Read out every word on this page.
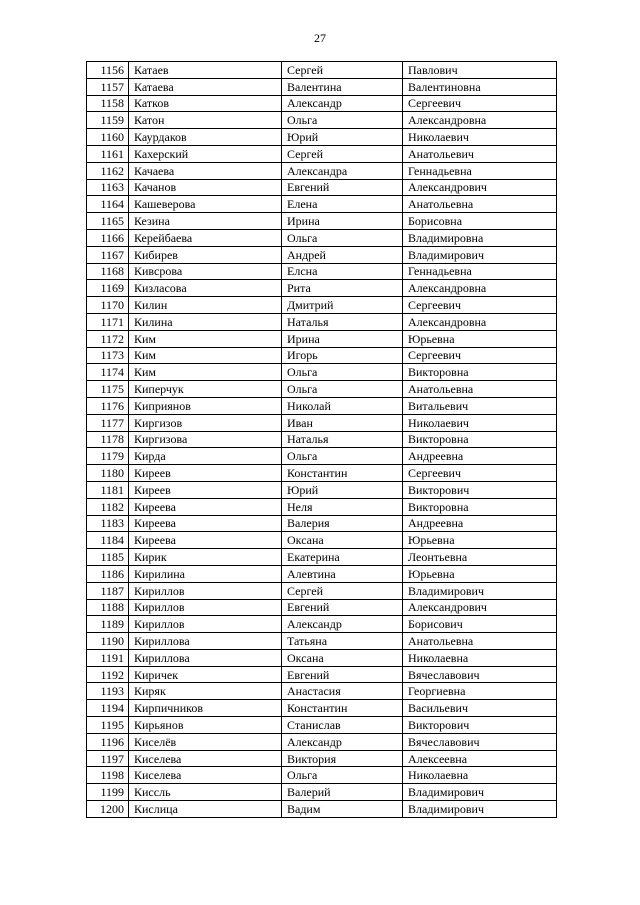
27
1156	Катаев	Сергей	Павлович
1157	Катаева	Валентина	Валентиновна
1158	Катков	Александр	Сергеевич
1159	Катон	Ольга	Александровна
1160	Каурдаков	Юрий	Николаевич
1161	Кахерский	Сергей	Анатольевич
1162	Качаева	Александра	Геннадьевна
1163	Качанов	Евгений	Александрович
1164	Кашеверова	Елена	Анатольевна
1165	Кезина	Ирина	Борисовна
1166	Керейбаева	Ольга	Владимировна
1167	Кибирев	Андрей	Владимирович
1168	Кивсрова	Елсна	Геннадьевна
1169	Кизласова	Рита	Александровна
1170	Килин	Дмитрий	Сергеевич
1171	Килина	Наталья	Александровна
1172	Ким	Ирина	Юрьевна
1173	Ким	Игорь	Сергеевич
1174	Ким	Ольга	Викторовна
1175	Киперчук	Ольга	Анатольевна
1176	Киприянов	Николай	Витальевич
1177	Киргизов	Иван	Николаевич
1178	Киргизова	Наталья	Викторовна
1179	Кирда	Ольга	Андреевна
1180	Киреев	Константин	Сергеевич
1181	Киреев	Юрий	Викторович
1182	Киреева	Неля	Викторовна
1183	Киреева	Валерия	Андреевна
1184	Киреева	Оксана	Юрьевна
1185	Кирик	Екатерина	Леонтьевна
1186	Кирилина	Алевтина	Юрьевна
1187	Кириллов	Сергей	Владимирович
1188	Кириллов	Евгений	Александрович
1189	Кириллов	Александр	Борисович
1190	Кириллова	Татьяна	Анатольевна
1191	Кириллова	Оксана	Николаевна
1192	Киричек	Евгений	Вячеславович
1193	Киряк	Анастасия	Георгиевна
1194	Кирпичников	Константин	Васильевич
1195	Кирьянов	Станислав	Викторович
1196	Киселёв	Александр	Вячеславович
1197	Киселева	Виктория	Алексеевна
1198	Киселева	Ольга	Николаевна
1199	Киссль	Валерий	Владимирович
1200	Кислица	Вадим	Владимирович
